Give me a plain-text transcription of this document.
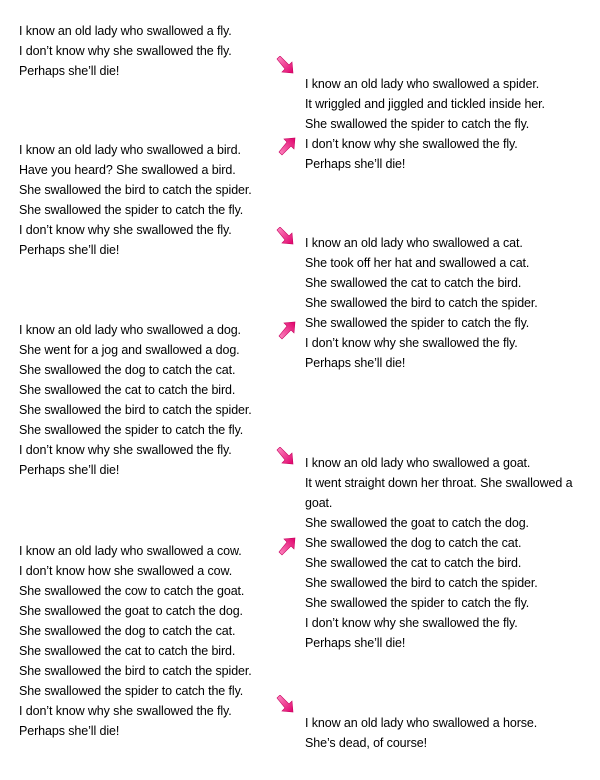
I know an old lady who swallowed a fly.
I don’t know why she swallowed the fly.
Perhaps she’ll die!
I know an old lady who swallowed a bird.
Have you heard? She swallowed a bird.
She swallowed the bird to catch the spider.
She swallowed the spider to catch the fly.
I don’t know why she swallowed the fly.
Perhaps she’ll die!
I know an old lady who swallowed a dog.
She went for a jog and swallowed a dog.
She swallowed the dog to catch the cat.
She swallowed the cat to catch the bird.
She swallowed the bird to catch the spider.
She swallowed the spider to catch the fly.
I don’t know why she swallowed the fly.
Perhaps she’ll die!
I know an old lady who swallowed a cow.
I don’t know how she swallowed a cow.
She swallowed the cow to catch the goat.
She swallowed the goat to catch the dog.
She swallowed the dog to catch the cat.
She swallowed the cat to catch the bird.
She swallowed the bird to catch the spider.
She swallowed the spider to catch the fly.
I don’t know why she swallowed the fly.
Perhaps she’ll die!
I know an old lady who swallowed a spider.
It wriggled and jiggled and tickled inside her.
She swallowed the spider to catch the fly.
I don’t know why she swallowed the fly.
Perhaps she’ll die!
I know an old lady who swallowed a cat.
She took off her hat and swallowed a cat.
She swallowed the cat to catch the bird.
She swallowed the bird to catch the spider.
She swallowed the spider to catch the fly.
I don’t know why she swallowed the fly.
Perhaps she’ll die!
I know an old lady who swallowed a goat.
It went straight down her throat. She swallowed a goat.
She swallowed the goat to catch the dog.
She swallowed the dog to catch the cat.
She swallowed the cat to catch the bird.
She swallowed the bird to catch the spider.
She swallowed the spider to catch the fly.
I don’t know why she swallowed the fly.
Perhaps she’ll die!
I know an old lady who swallowed a horse.
She’s dead, of course!
